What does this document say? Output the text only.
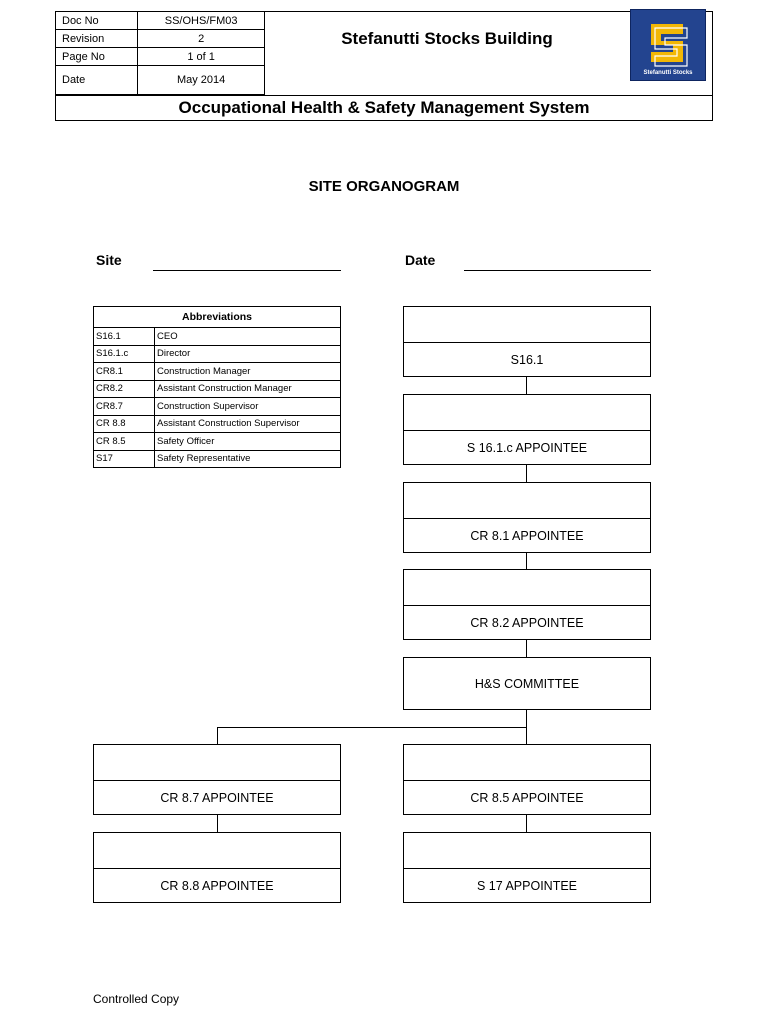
Doc No	SS/OHS/FM03
Revision	2
Page No	1 of 1
Date	May 2014
Stefanutti Stocks Building
Stefanutti Stocks
Occupational Health & Safety Management System
SITE ORGANOGRAM
Site	Date
Abbreviations	
S16.1	CEO
S16.1.c	Director
CR8.1	Construction Manager
CR8.2	Assistant Construction Manager
CR8.7	Construction Supervisor
CR 8.8	Assistant Construction Supervisor
CR 8.5	Safety Officer
S17	Safety Representative
S16.1
S 16.1.c APPOINTEE
CR 8.1 APPOINTEE
CR 8.2 APPOINTEE
H&S COMMITTEE
CR 8.7 APPOINTEE	CR 8.5 APPOINTEE
CR 8.8 APPOINTEE	S 17 APPOINTEE
Controlled Copy
